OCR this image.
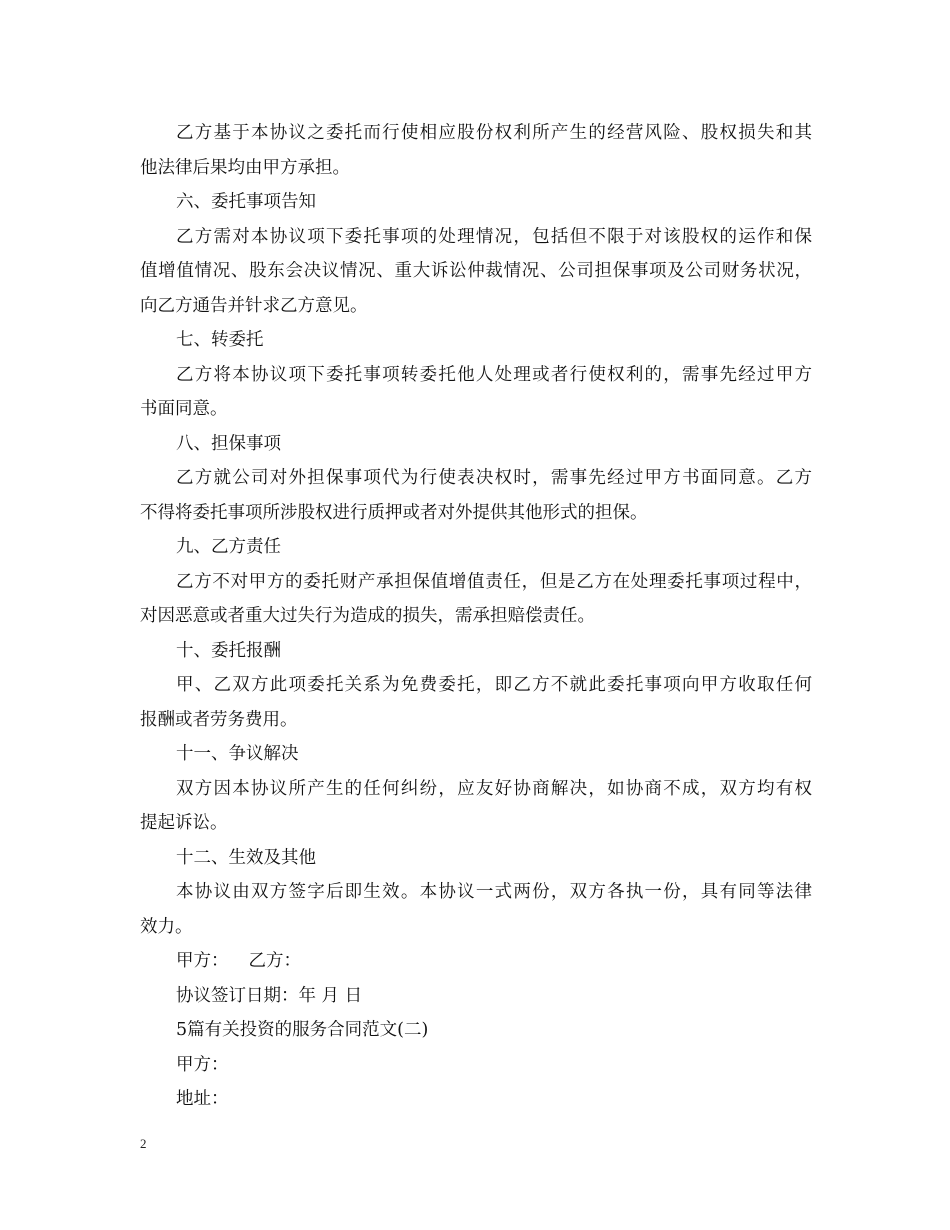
乙方基于本协议之委托而行使相应股份权利所产生的经营风险、股权损失和其
他法律后果均由甲方承担。
六、委托事项告知
乙方需对本协议项下委托事项的处理情况，包括但不限于对该股权的运作和保
值增值情况、股东会决议情况、重大诉讼仲裁情况、公司担保事项及公司财务状况，
向乙方通告并针求乙方意见。
七、转委托
乙方将本协议项下委托事项转委托他人处理或者行使权利的，需事先经过甲方
书面同意。
八、担保事项
乙方就公司对外担保事项代为行使表决权时，需事先经过甲方书面同意。乙方
不得将委托事项所涉股权进行质押或者对外提供其他形式的担保。
九、乙方责任
乙方不对甲方的委托财产承担保值增值责任，但是乙方在处理委托事项过程中，
对因恶意或者重大过失行为造成的损失，需承担赔偿责任。
十、委托报酬
甲、乙双方此项委托关系为免费委托，即乙方不就此委托事项向甲方收取任何
报酬或者劳务费用。
十一、争议解决
双方因本协议所产生的任何纠纷，应友好协商解决，如协商不成，双方均有权
提起诉讼。
十二、生效及其他
本协议由双方签字后即生效。本协议一式两份，双方各执一份，具有同等法律
效力。
甲方： 乙方：
协议签订日期：年 月 日
5篇有关投资的服务合同范文(二)
甲方：
地址：
2
